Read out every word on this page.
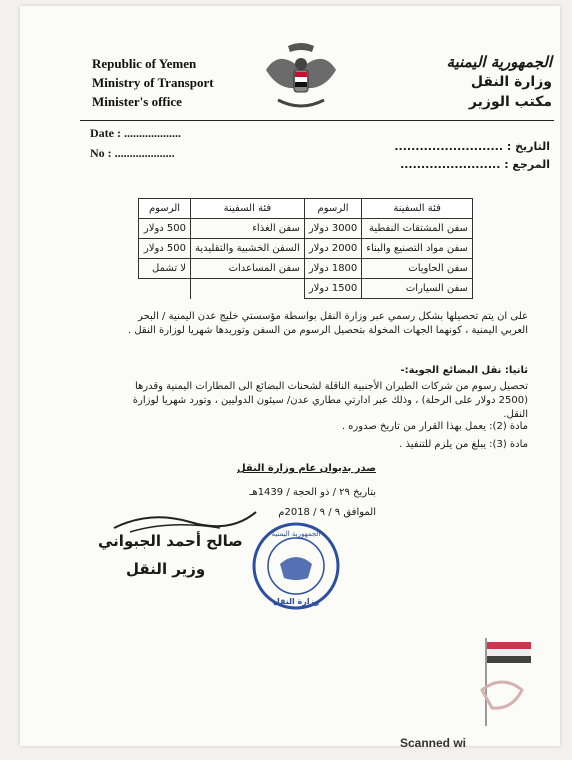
Republic of Yemen
Ministry of Transport
Minister's office
الجمهورية اليمنية
وزارة النقل
مكتب الوزير
Date : ...................
No : ....................	التاريخ : ..........................
المرجع : ........................
فئة السفينة	الرسوم	فئة السفينة	الرسوم
سفن المشتقات النفطية	3000 دولار	سفن الغذاء	500 دولار
سفن مواد التصنيع والبناء	2000 دولار	السفن الخشبية والتقليدية	500 دولار
سفن الحاويات	1800 دولار	سفن المساعدات	لا تشمل
سفن السيارات	1500 دولار		
على ان يتم تحصيلها بشكل رسمي عبر وزارة النقل بواسطة مؤسستي خليج عدن اليمنية / البحر العربي اليمنية ، كونهما الجهات المخولة بتحصيل الرسوم من السفن وتوريدها شهريا لوزارة النقل .
ثانيا: نقل البضائع الجوية:-
تحصيل رسوم من شركات الطيران الأجنبية الناقلة لشحنات البضائع الى المطارات اليمنية وقدرها (2500 دولار على الرحلة) ، وذلك عبر ادارتي مطاري عدن/ سيئون الدوليين ، وتورد شهريا لوزارة النقل.
مادة (2): يعمل بهذا القرار من تاريخ صدوره .
مادة (3): يبلغ من يلزم للتنفيذ .
صدر بديوان عام وزارة النقل
بتاريخ ٢٩ / ذو الحجة / 1439هـ
الموافق ٩ / ٩ / 2018م
صالح أحمد الجبواني
وزير النقل
الجمهورية اليمنية
وزارة النقل
Scanned wi
